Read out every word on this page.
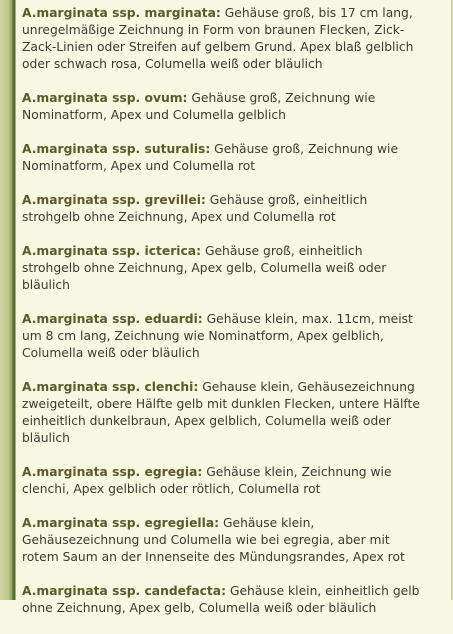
A.marginata ssp. marginata: Gehäuse groß, bis 17 cm lang, unregelmäßige Zeichnung in Form von braunen Flecken, Zick-Zack-Linien oder Streifen auf gelbem Grund. Apex blaß gelblich oder schwach rosa, Columella weiß oder bläulich

A.marginata ssp. ovum: Gehäuse groß, Zeichnung wie Nominatform, Apex und Columella gelblich

A.marginata ssp. suturalis: Gehäuse groß, Zeichnung wie Nominatform, Apex und Columella rot

A.marginata ssp. grevillei: Gehäuse groß, einheitlich strohgelb ohne Zeichnung, Apex und Columella rot

A.marginata ssp. icterica: Gehäuse groß, einheitlich strohgelb ohne Zeichnung, Apex gelb, Columella weiß oder bläulich

A.marginata ssp. eduardi: Gehäuse klein, max. 11cm, meist um 8 cm lang, Zeichnung wie Nominatform, Apex gelblich, Columella weiß oder bläulich

A.marginata ssp. clenchi: Gehause klein, Gehäusezeichnung zweigeteilt, obere Hälfte gelb mit dunklen Flecken, untere Hälfte einheitlich dunkelbraun, Apex gelblich, Columella weiß oder bläulich

A.marginata ssp. egregia: Gehäuse klein, Zeichnung wie clenchi, Apex gelblich oder rötlich, Columella rot

A.marginata ssp. egregiella: Gehäuse klein, Gehäusezeichnung und Columella wie bei egregia, aber mit rotem Saum an der Innenseite des Mündungsrandes, Apex rot

A.marginata ssp. candefacta: Gehäuse klein, einheitlich gelb ohne Zeichnung, Apex gelb, Columella weiß oder bläulich
